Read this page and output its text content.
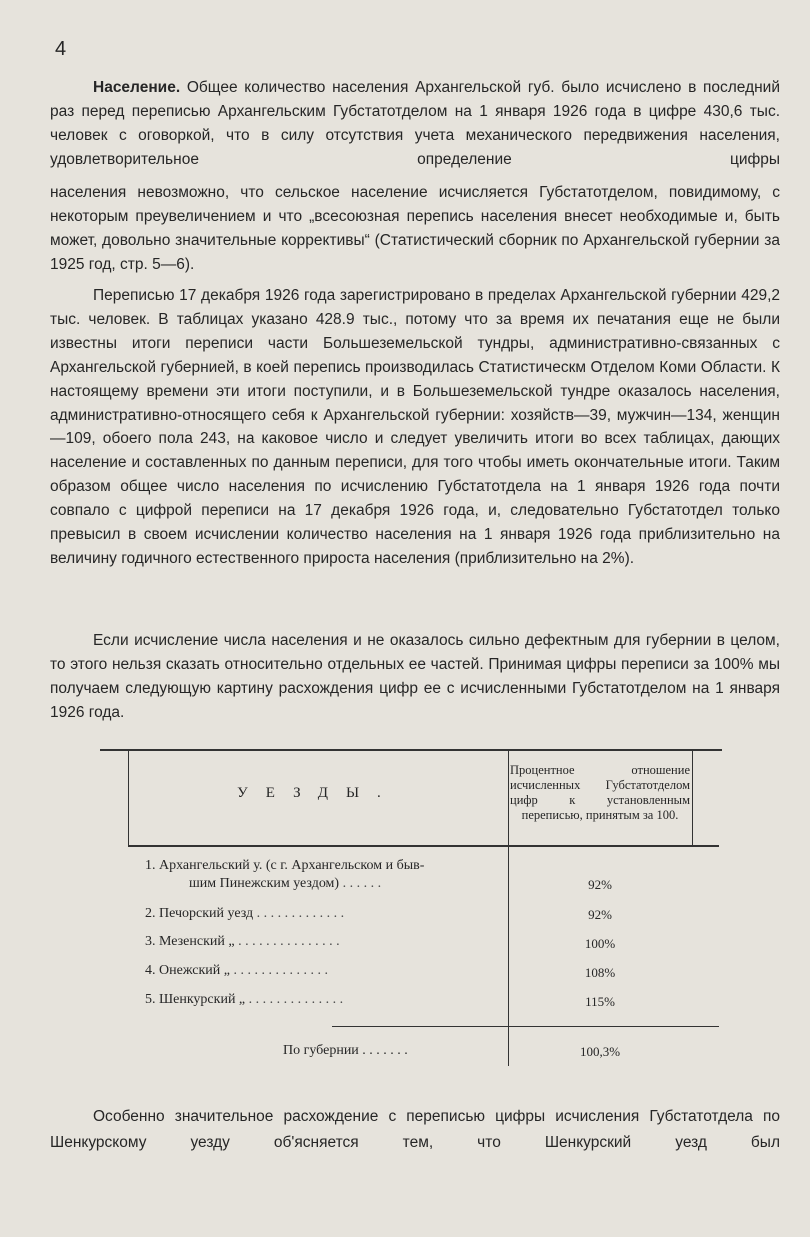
4

Население. Общее количество населения Архангельской губ. было исчислено в последний раз перед переписью Архангельским Губстатотделом на 1 января 1926 года в цифре 430,6 тыс. человек с оговоркой, что в силу отсутствия учета механического передвижения населения, удовлетворительное определение цифры

населения невозможно, что сельское население исчисляется Губстатотделом, повидимому, с некоторым преувеличением и что „всесоюзная перепись населения внесет необходимые и, быть может, довольно значительные коррективы“ (Статистический сборник по Архангельской губернии за 1925 год, стр. 5—6).

Переписью 17 декабря 1926 года зарегистрировано в пределах Архангельской губернии 429,2 тыс. человек. В таблицах указано 428.9 тыс., потому что за время их печатания еще не были известны итоги переписи части Большеземельской тундры, административно-связанных с Архангельской губернией, в коей перепись производилась Статистическм Отделом Коми Области. К настоящему времени эти итоги поступили, и в Большеземельской тундре оказалось населения, административно-относящего себя к Архангельской губернии: хозяйств—39, мужчин—134, женщин—109, обоего пола 243, на каковое число и следует увеличить итоги во всех таблицах, дающих население и составленных по данным переписи, для того чтобы иметь окончательные итоги. Таким образом общее число населения по исчислению Губстатотдела на 1 января 1926 года почти совпало с цифрой переписи на 17 декабря 1926 года, и, следовательно Губстатотдел только превысил в своем исчислении количество населения на 1 января 1926 года приблизительно на величину годичного естественного прироста населения (приблизительно на 2%).

Если исчисление числа населения и не оказалось сильно дефектным для губернии в целом, то этого нельзя сказать относительно отдельных ее частей. Принимая цифры переписи за 100% мы получаем следующую картину расхождения цифр ее с исчисленными Губстатотделом на 1 января 1926 года.

УЕЗДЫ.
Процентное отношение исчисленных Губстатотделом цифр к установленным переписью, принятым за 100.
1. Архангельский у. (с г. Архангельском и быв-
шим Пинежским уездом) . . . . . .	92%
2. Печорский уезд . . . . . . . . . . . . .	92%
3. Мезенский „ . . . . . . . . . . . . . . .	100%
4. Онежский „ . . . . . . . . . . . . . .	108%
5. Шенкурский „ . . . . . . . . . . . . . .	115%
По губернии . . . . . . .	100,3%

Особенно значительное расхождение с переписью цифры исчисления Губстатотдела по Шенкурскому уезду об'ясняется тем, что Шенкурский уезд был
